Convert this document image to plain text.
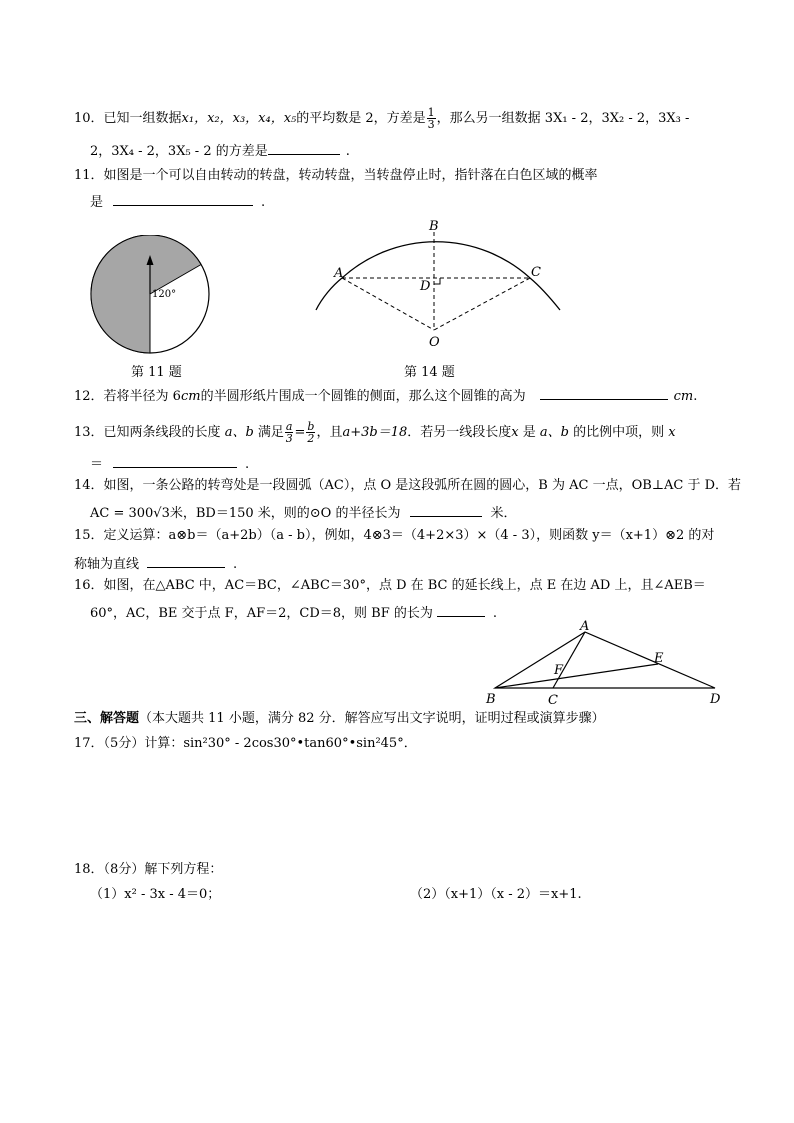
10．已知一组数据x₁，x₂，x₃，x₄，x₅的平均数是 2，方差是 $\frac{1}{3}$ ，那么另一组数据 3X₁ - 2，3X₂ - 2，3X₃ -
2，3X₄ - 2，3X₅ - 2 的方差是	.
11．如图是一个可以自由转动的转盘，转动转盘，当转盘停止时，指针落在白色区域的概率
是	.
120°
第 11 题
A
B
C
D
O
第 14 题
12．若将半径为 6cm的半圆形纸片围成一个圆锥的侧面，那么这个圆锥的高为	cm.
13．已知两条线段的长度 a、b 满足 $\frac{a}{3} = \frac{b}{2}$ ，且a+3b＝18．若另一线段长度x 是 a、b 的比例中项，则 x
＝	.
14．如图，一条公路的转弯处是一段圆弧（AC），点 O 是这段弧所在圆的圆心，B 为 AC 一点，OB⊥AC 于 D．若
AC = 300√3米，BD＝150 米，则的⊙O 的半径长为	米．
15．定义运算：a⊗b＝（a+2b）（a - b），例如，4⊗3＝（4+2×3）×（4 - 3），则函数 y＝（x+1）⊗2 的对
称轴为直线	.
16．如图，在△ABC 中，AC＝BC，∠ABC＝30°，点 D 在 BC 的延长线上，点 E 在边 AD 上，且∠AEB＝
60°，AC，BE 交于点 F，AF＝2，CD＝8，则 BF 的长为	.
A
B	C	D
E
F
三、解答题（本大题共 11 小题，满分 82 分．解答应写出文字说明，证明过程或演算步骤）
17．（5分）计算：sin²30° - 2cos30°•tan60°•sin²45°．
18．（8分）解下列方程：
（1）x² - 3x - 4＝0；	（2）（x+1）（x - 2）＝x+1.
